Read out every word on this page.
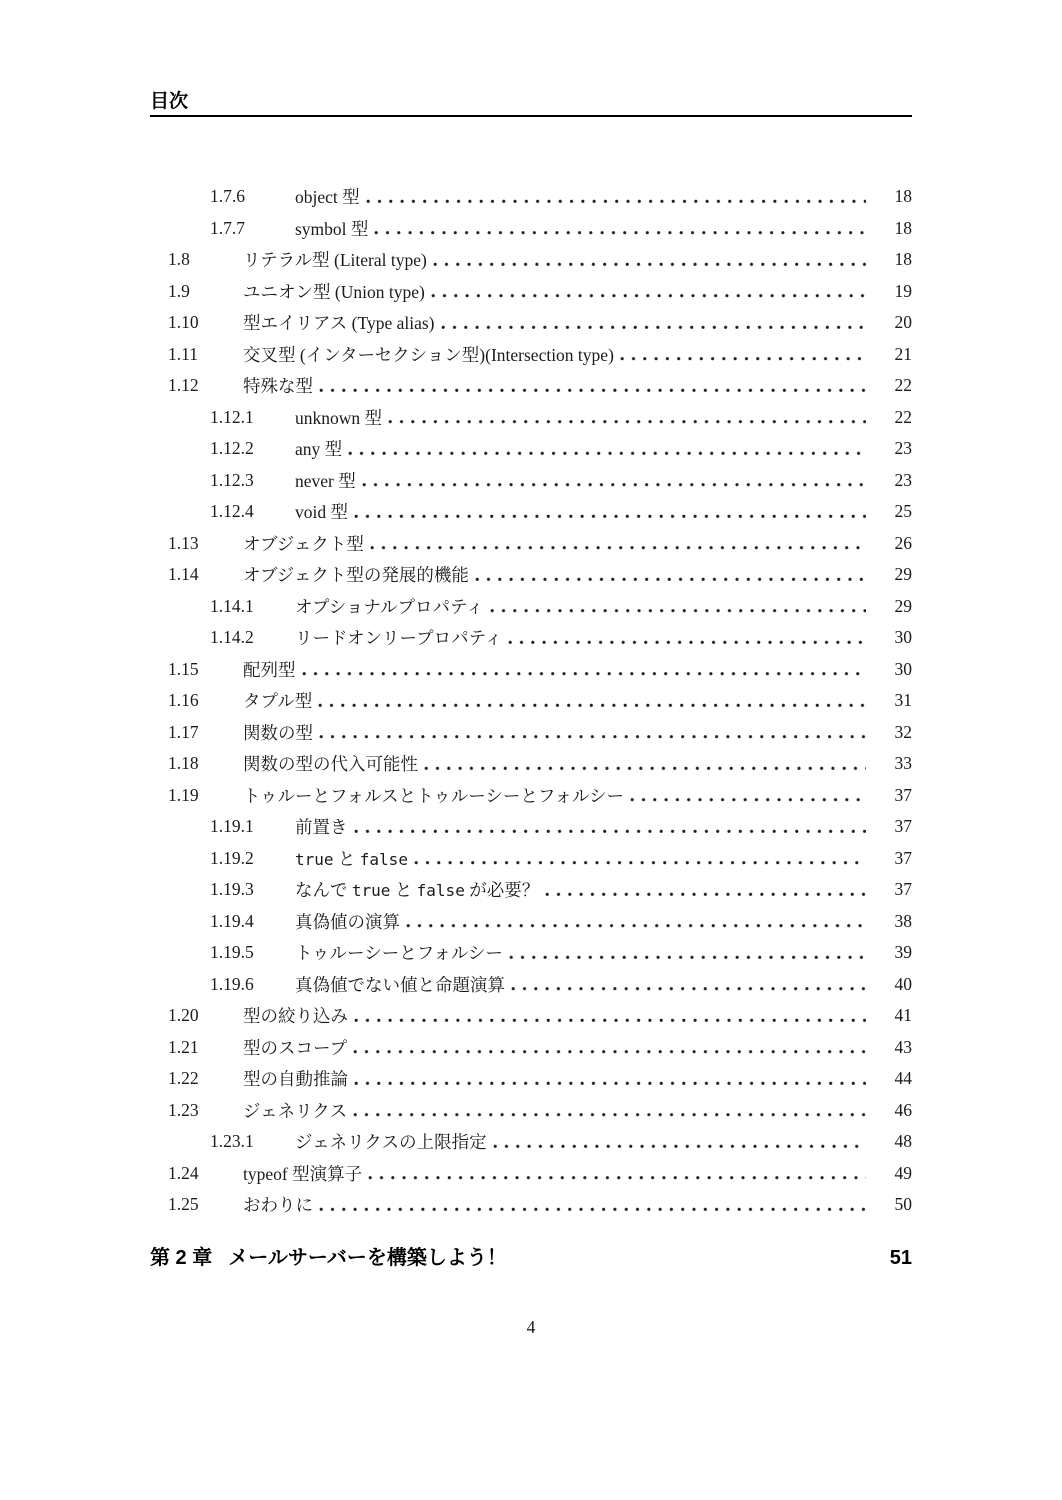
目次
1.7.6	object 型	18
1.7.7	symbol 型	18
1.8	リテラル型 (Literal type)	18
1.9	ユニオン型 (Union type)	19
1.10	型エイリアス (Type alias)	20
1.11	交叉型 (インターセクション型)(Intersection type)	21
1.12	特殊な型	22
1.12.1	unknown 型	22
1.12.2	any 型	23
1.12.3	never 型	23
1.12.4	void 型	25
1.13	オブジェクト型	26
1.14	オブジェクト型の発展的機能	29
1.14.1	オプショナルプロパティ	29
1.14.2	リードオンリープロパティ	30
1.15	配列型	30
1.16	タプル型	31
1.17	関数の型	32
1.18	関数の型の代入可能性	33
1.19	トゥルーとフォルスとトゥルーシーとフォルシー	37
1.19.1	前置き	37
1.19.2	true と false	37
1.19.3	なんで true と false が必要？	37
1.19.4	真偽値の演算	38
1.19.5	トゥルーシーとフォルシー	39
1.19.6	真偽値でない値と命題演算	40
1.20	型の絞り込み	41
1.21	型のスコープ	43
1.22	型の自動推論	44
1.23	ジェネリクス	46
1.23.1	ジェネリクスの上限指定	48
1.24	typeof 型演算子	49
1.25	おわりに	50
第 2 章 メールサーバーを構築しよう！	51
4
